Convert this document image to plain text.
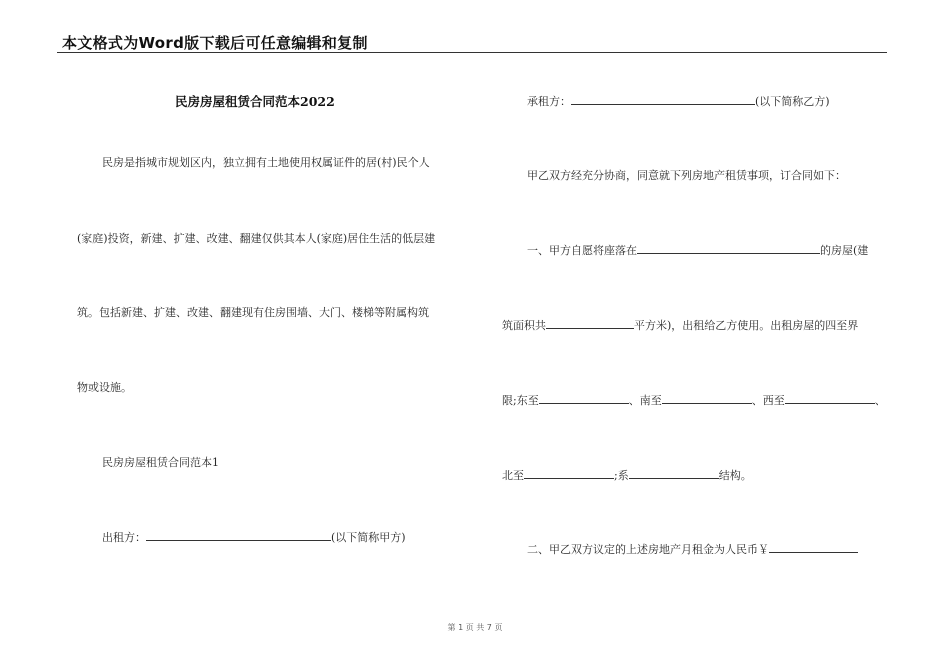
本文格式为Word版下载后可任意编辑和复制
民房房屋租赁合同范本2022
民房是指城市规划区内，独立拥有土地使用权属证件的居(村)民个人
(家庭)投资，新建、扩建、改建、翻建仅供其本人(家庭)居住生活的低层建
筑。包括新建、扩建、改建、翻建现有住房围墙、大门、楼梯等附属构筑
物或设施。
民房房屋租赁合同范本1
出租方：	(以下简称甲方)
承租方：	(以下简称乙方)
甲乙双方经充分协商，同意就下列房地产租赁事项，订合同如下：
一、甲方自愿将座落在	的房屋(建
筑面积共	平方米)，出租给乙方使用。出租房屋的四至界
限;东至	、南至	、西至	、
北至	;系	结构。
二、甲乙双方议定的上述房地产月租金为人民币￥
第 1 页 共 7 页
